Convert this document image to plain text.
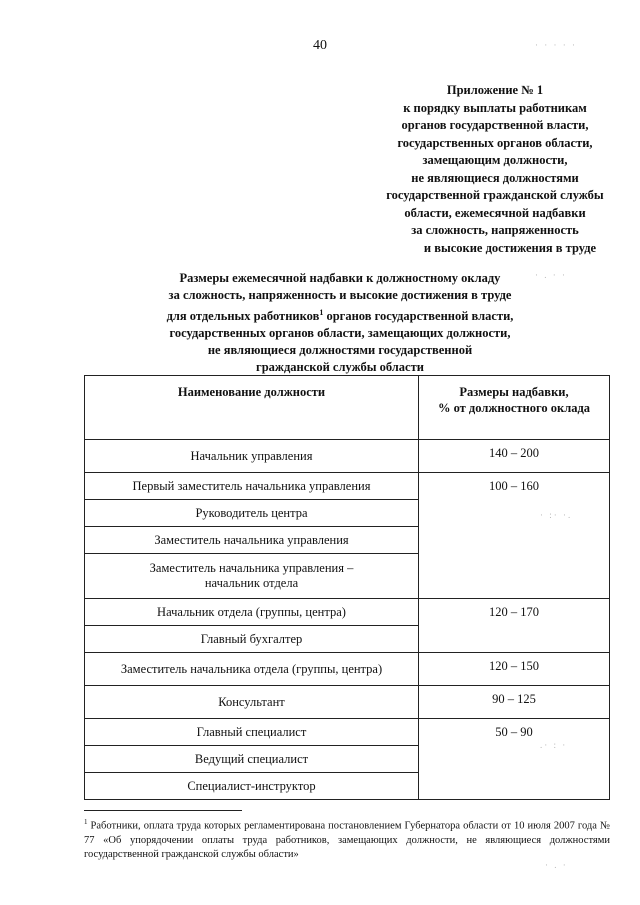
40
Приложение № 1
к порядку выплаты работникам
органов государственной власти,
государственных органов области,
замещающим должности,
не являющиеся должностями
государственной гражданской службы
области, ежемесячной надбавки
за сложность, напряженность
и высокие достижения в труде
Размеры ежемесячной надбавки к должностному окладу
за сложность, напряженность и высокие достижения в труде
для отдельных работников$^1$ органов государственной власти,
государственных органов области, замещающих должности,
не являющиеся должностями государственной
гражданской службы области
Наименование должности	Размеры надбавки,
% от должностного оклада

Начальник управления	140 – 200
Первый заместитель начальника управления	100 – 160
Руководитель центра	
Заместитель начальника управления	

Заместитель начальника управления –
начальник отдела	

Начальник отдела (группы, центра)	120 – 170
Главный бухгалтер	
Заместитель начальника отдела (группы, центра)	120 – 150
Консультант	90 – 125
Главный специалист	50 – 90
Ведущий специалист	
Специалист-инструктор	
$^1$ Работники, оплата труда которых регламентирована постановлением Губернатора области от 10 июля 2007 года № 77 «Об упорядочении оплаты труда работников, замещающих должности, не являющиеся должностями государственной гражданской службы области»
· · · · ·
· . · ·
· :· ·.
.· : ·
· . ·
